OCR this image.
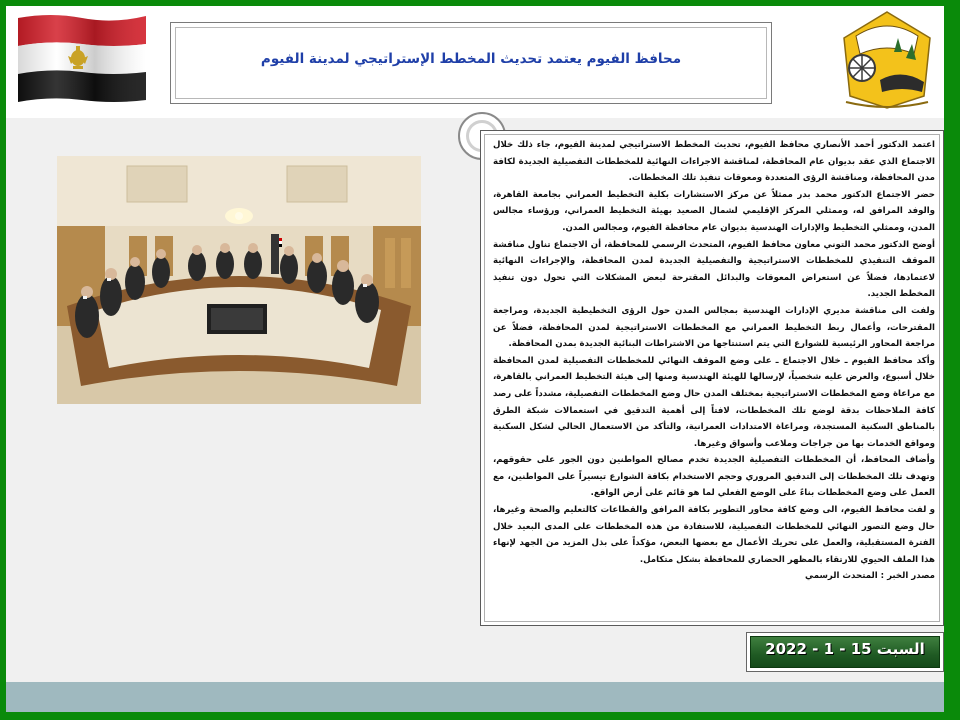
محافظ الفيوم يعتمد تحديث المخطط الإستراتيجي لمدينة الفيوم

اعتمد الدكتور أحمد الأنصاري محافظ الفيوم، تحديث المخطط الاستراتيجي لمدينة الفيوم، جاء ذلك خلال الاجتماع الذي عقد بديوان عام المحافظة، لمناقشة الاجراءات النهائية للمخططات التفصيلية الجديدة لكافة مدن المحافظة، ومناقشة الرؤى المتعددة ومعوقات تنفيذ تلك المخططات.

حضر الاجتماع الدكتور محمد بدر ممثلاً عن مركز الاستشارات بكلية التخطيط العمراني بجامعة القاهرة، والوفد المرافق له، وممثلي المركز الإقليمي لشمال الصعيد بهيئة التخطيط العمراني، ورؤساء مجالس المدن، وممثلي التخطيط والإدارات الهندسية بديوان عام محافظة الفيوم، ومجالس المدن.

أوضح الدكتور محمد التوني معاون محافظ الفيوم، المتحدث الرسمي للمحافظة، أن الاجتماع تناول مناقشة الموقف التنفيذي للمخططات الاستراتيجية والتفصيلية الجديدة لمدن المحافظة، والإجراءات النهائية لاعتمادها، فضلاً عن استعراض المعوقات والبدائل المقترحة لبعض المشكلات التي تحول دون تنفيذ المخطط الجديد.

ولفت الى مناقشة مديري الإدارات الهندسية بمجالس المدن حول الرؤى التخطيطية الجديدة، ومراجعة المقترحات، وأعمال ربط التخطيط العمراني مع المخططات الاستراتيجية لمدن المحافظة، فضلاً عن مراجعة المحاور الرئيسية للشوارع التي يتم استنتاجها من الاشتراطات البنائية الجديدة بمدن المحافظة.

وأكد محافظ الفيوم ـ خلال الاجتماع ـ على وضع الموقف النهائي للمخططات التفصيلية لمدن المحافظة خلال أسبوع، والعرض عليه شخصياً، لإرسالها للهيئة الهندسية ومنها إلى هيئة التخطيط العمراني بالقاهرة، مع مراعاة وضع المخططات الاستراتيجية بمختلف المدن حال وضع المخططات التفصيلية، مشدداً على رصد كافة الملاحظات بدقة لوضع تلك المخططات، لافتاً إلى أهمية التدقيق في استعمالات شبكة الطرق بالمناطق السكنية المستجدة، ومراعاة الامتدادات العمرانية، والتأكد من الاستعمال الحالي لشكل السكنية ومواقع الخدمات بها من جراجات وملاعب وأسواق وغيرها.

وأضاف المحافظ، أن المخططات التفصيلية الجديدة تخدم مصالح المواطنين دون الجور على حقوقهم، وتهدف تلك المخططات إلى التدفيق المروري وحجم الاستخدام بكافة الشوارع تيسيراً على المواطنين، مع العمل على وضع المخططات بناءً على الوضع الفعلي لما هو قائم على أرض الواقع.

و لفت محافظ الفيوم، الى وضع كافة محاور التطوير بكافة المرافق والقطاعات كالتعليم والصحة وغيرها، حال وضع التصور النهائي للمخططات التفصيلية، للاستفادة من هذه المخططات على المدى البعيد خلال الفترة المستقبلية، والعمل على تحريك الأعمال مع بعضها البعض، مؤكداً على بذل المزيد من الجهد لإنهاء هذا الملف الحيوي للارتقاء بالمظهر الحضاري للمحافظة بشكل متكامل.

مصدر الخبر : المتحدث الرسمي

السبت 15 - 1 - 2022
